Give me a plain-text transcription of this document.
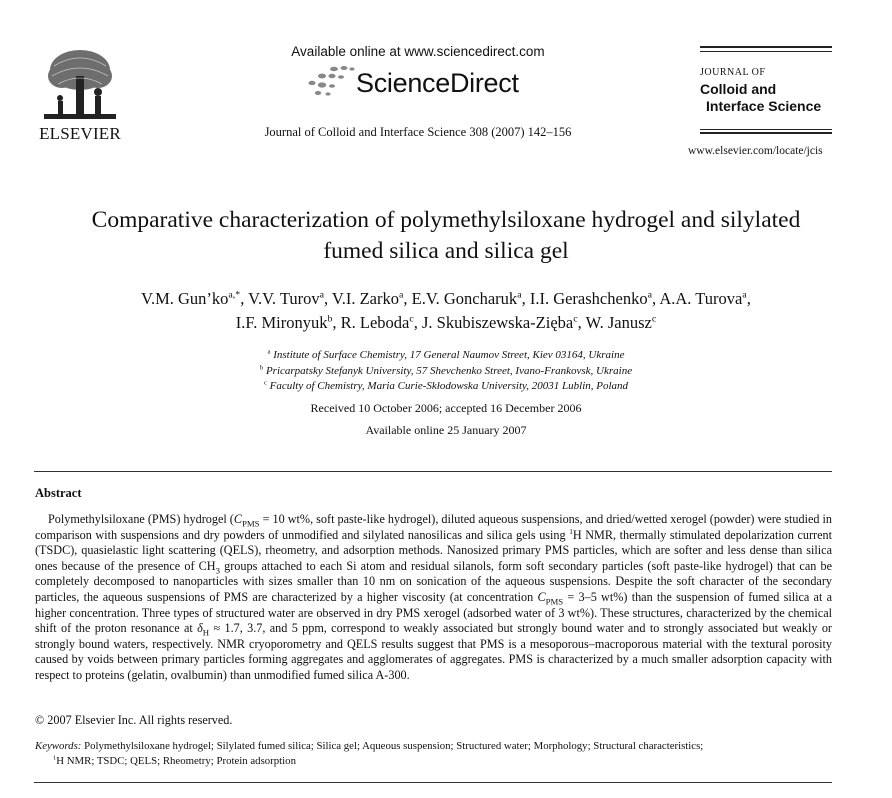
ELSEVIER
Available online at www.sciencedirect.com
ScienceDirect
Journal of Colloid and Interface Science 308 (2007) 142–156
JOURNAL OF
Colloid and
Interface Science
www.elsevier.com/locate/jcis
Comparative characterization of polymethylsiloxane hydrogel and silylated
fumed silica and silica gel
V.M. $Gun’ko^{a,*}$, V.V. Turov$^a$, V.I. Zarko$^a$, E.V. Goncharuk$^a$, I.I. Gerashchenko$^a$, A.A. Turova$^a$,
I.F. Mironyuk$^b$, R. Leboda$^c$, J. Skubiszewska-Zięba$^c$, W. Janusz$^c$
$^a$ Institute of Surface Chemistry, 17 General Naumov Street, Kiev 03164, Ukraine
$^b$ Pricarpatsky Stefanyk University, 57 Shevchenko Street, Ivano-Frankovsk, Ukraine
$^c$ Faculty of Chemistry, Maria Curie-Skłodowska University, 20031 Lublin, Poland
Received 10 October 2006; accepted 16 December 2006
Available online 25 January 2007
Abstract
Polymethylsiloxane (PMS) hydrogel ($C_{PMS} = 10$ wt%, soft paste-like hydrogel), diluted aqueous suspensions, and dried/wetted xerogel (powder) were studied in comparison with suspensions and dry powders of unmodified and silylated nanosilicas and silica gels using $^1$H NMR, thermally stimulated depolarization current (TSDC), quasielastic light scattering (QELS), rheometry, and adsorption methods. Nanosized primary PMS particles, which are softer and less dense than silica ones because of the presence of $CH_3$ groups attached to each Si atom and residual silanols, form soft secondary particles (soft paste-like hydrogel) that can be completely decomposed to nanoparticles with sizes smaller than 10 nm on sonication of the aqueous suspensions. Despite the soft character of the secondary particles, the aqueous suspensions of PMS are characterized by a higher viscosity (at concentration $C_{PMS} = 3-5$ wt%) than the suspension of fumed silica at a higher concentration. Three types of structured water are observed in dry PMS xerogel (adsorbed water of 3 wt%). These structures, characterized by the chemical shift of the proton resonance at $\delta_H \approx 1.7$, 3.7, and 5 ppm, correspond to weakly associated but strongly bound water and to strongly associated but weakly or strongly bound waters, respectively. NMR cryoporometry and QELS results suggest that PMS is a mesoporous–macroporous material with the textural porosity caused by voids between primary particles forming aggregates and agglomerates of aggregates. PMS is characterized by a much smaller adsorption capacity with respect to proteins (gelatin, ovalbumin) than unmodified fumed silica A-300.
© 2007 Elsevier Inc. All rights reserved.
Keywords: Polymethylsiloxane hydrogel; Silylated fumed silica; Silica gel; Aqueous suspension; Structured water; Morphology; Structural characteristics;
$^1$H NMR; TSDC; QELS; Rheometry; Protein adsorption
